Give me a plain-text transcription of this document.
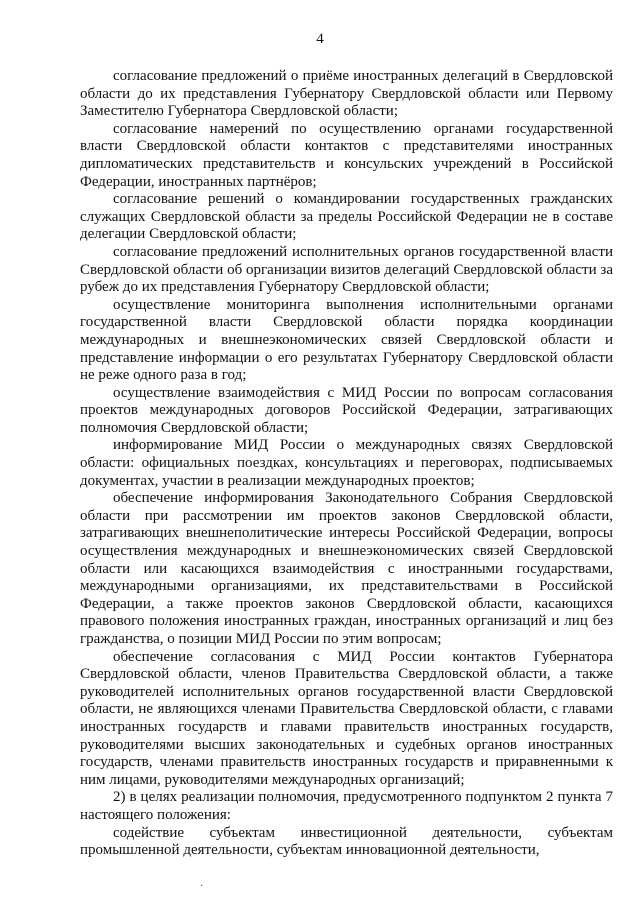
4

согласование предложений о приёме иностранных делегаций в Свердловской области до их представления Губернатору Свердловской области или Первому Заместителю Губернатора Свердловской области;

согласование намерений по осуществлению органами государственной власти Свердловской области контактов с представителями иностранных дипломатических представительств и консульских учреждений в Российской Федерации, иностранных партнёров;

согласование решений о командировании государственных гражданских служащих Свердловской области за пределы Российской Федерации не в составе делегации Свердловской области;

согласование предложений исполнительных органов государственной власти Свердловской области об организации визитов делегаций Свердловской области за рубеж до их представления Губернатору Свердловской области;

осуществление мониторинга выполнения исполнительными органами государственной власти Свердловской области порядка координации международных и внешнеэкономических связей Свердловской области и представление информации о его результатах Губернатору Свердловской области не реже одного раза в год;

осуществление взаимодействия с МИД России по вопросам согласования проектов международных договоров Российской Федерации, затрагивающих полномочия Свердловской области;

информирование МИД России о международных связях Свердловской области: официальных поездках, консультациях и переговорах, подписываемых документах, участии в реализации международных проектов;

обеспечение информирования Законодательного Собрания Свердловской области при рассмотрении им проектов законов Свердловской области, затрагивающих внешнеполитические интересы Российской Федерации, вопросы осуществления международных и внешнеэкономических связей Свердловской области или касающихся взаимодействия с иностранными государствами, международными организациями, их представительствами в Российской Федерации, а также проектов законов Свердловской области, касающихся правового положения иностранных граждан, иностранных организаций и лиц без гражданства, о позиции МИД России по этим вопросам;

обеспечение согласования с МИД России контактов Губернатора Свердловской области, членов Правительства Свердловской области, а также руководителей исполнительных органов государственной власти Свердловской области, не являющихся членами Правительства Свердловской области, с главами иностранных государств и главами правительств иностранных государств, руководителями высших законодательных и судебных органов иностранных государств, членами правительств иностранных государств и приравненными к ним лицами, руководителями международных организаций;

2) в целях реализации полномочия, предусмотренного подпунктом 2 пункта 7 настоящего положения:

содействие субъектам инвестиционной деятельности, субъектам промышленной деятельности, субъектам инновационной деятельности,

·
